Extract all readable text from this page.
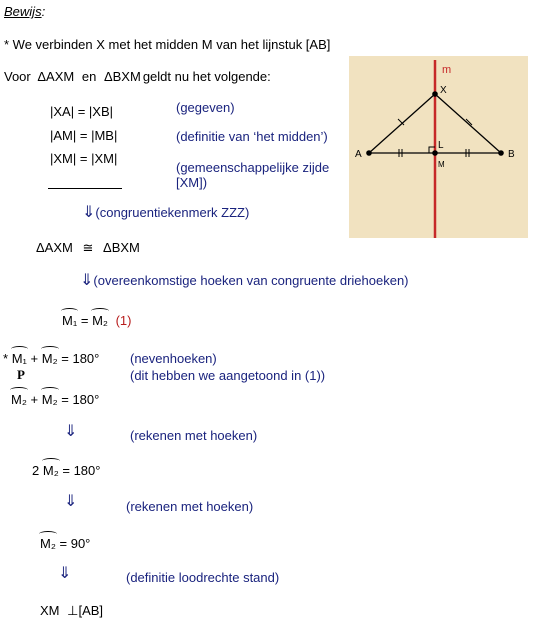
Bewijs:
* We verbinden X met het midden M van het lijnstuk [AB]
Voor ΔAXM en ΔBXM geldt nu het volgende:
|XA| = |XB|	(gegeven)
|AM| = |MB|	(definitie van ‘het midden’)
|XM| = |XM|
(gemeenschappelijke zijde
[XM])
⇓(congruentiekenmerk ZZZ)
ΔAXM ≅ ΔBXM
⇓(overeenkomstige hoeken van congruente driehoeken)
M₁ = M₂ (1)
* M₁ + M₂ = 180° (nevenhoeken)
P	(dit hebben we aangetoond in (1))
M₂ + M₂ = 180°
⇓	(rekenen met hoeken)
2 M₂ = 180°
⇓	(rekenen met hoeken)
M₂ = 90°
⇓	(definitie loodrechte stand)
XM ⊥[AB]
m
X
A	B
L
M
